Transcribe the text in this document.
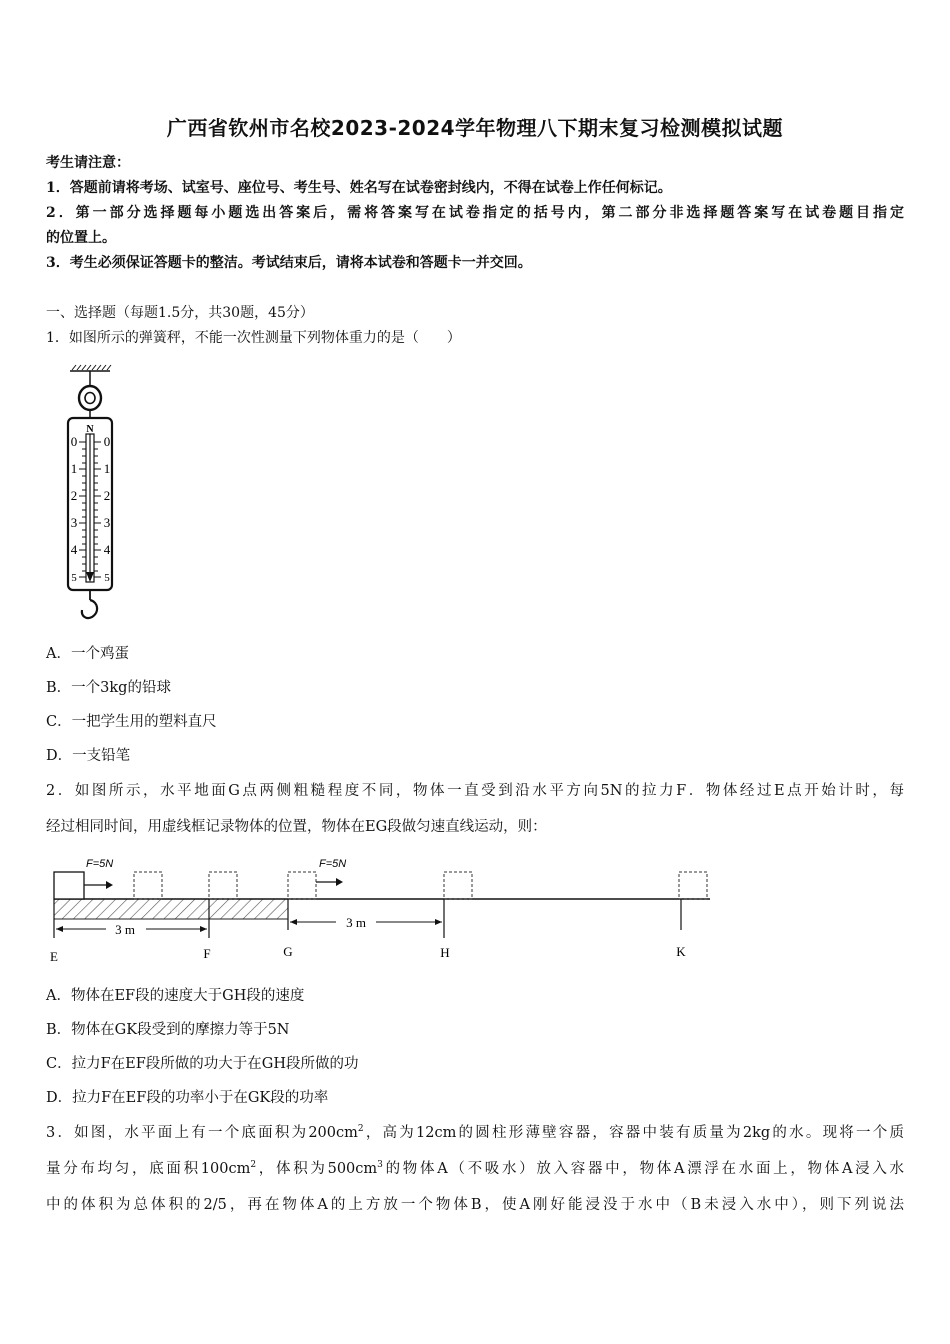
广西省钦州市名校2023-2024学年物理八下期末复习检测模拟试题
考生请注意：
1．答题前请将考场、试室号、座位号、考生号、姓名写在试卷密封线内，不得在试卷上作任何标记。
2．第一部分选择题每小题选出答案后，需将答案写在试卷指定的括号内，第二部分非选择题答案写在试卷题目指定
的位置上。
3．考生必须保证答题卡的整洁。考试结束后，请将本试卷和答题卡一并交回。
一、选择题（每题1.5分，共30题，45分）
1．如图所示的弹簧秤，不能一次性测量下列物体重力的是（　　）
N
0
1
2
3
4
5
0
1
2
3
4
5
A．一个鸡蛋
B．一个3kg的铅球
C．一把学生用的塑料直尺
D．一支铅笔
2．如图所示，水平地面G点两侧粗糙程度不同，物体一直受到沿水平方向5N的拉力F．物体经过E点开始计时，每
经过相同时间，用虚线框记录物体的位置，物体在EG段做匀速直线运动，则：
F=5N	F=5N
3 m	3 m
E	F	G	H	K
A．物体在EF段的速度大于GH段的速度
B．物体在GK段受到的摩擦力等于5N
C．拉力F在EF段所做的功大于在GH段所做的功
D．拉力F在EF段的功率小于在GK段的功率
3．如图，水平面上有一个底面积为$200cm^2$，高为12cm的圆柱形薄壁容器，容器中装有质量为2kg的水。现将一个质
量分布均匀，底面积$100cm^2$，体积为$500cm^3$的物体A（不吸水）放入容器中，物体A漂浮在水面上，物体A浸入水
中的体积为总体积的2/5，再在物体A的上方放一个物体B，使A刚好能浸没于水中（B未浸入水中），则下列说法
